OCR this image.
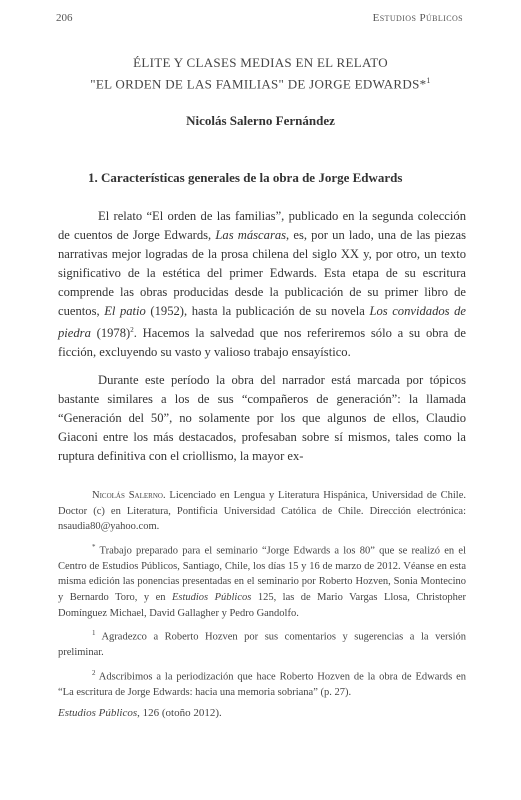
206	Estudios Públicos
ÉLITE Y CLASES MEDIAS EN EL RELATO
"EL ORDEN DE LAS FAMILIAS" DE JORGE EDWARDS*$^1$
Nicolás Salerno Fernández
1. Características generales de la obra de Jorge Edwards

El relato “El orden de las familias”, publicado en la segunda colección de cuentos de Jorge Edwards, Las máscaras, es, por un lado, una de las piezas narrativas mejor logradas de la prosa chilena del siglo XX y, por otro, un texto significativo de la estética del primer Edwards. Esta etapa de su escritura comprende las obras producidas desde la publicación de su primer libro de cuentos, El patio (1952), hasta la publicación de su novela Los convidados de piedra $(1978)^2$. Hacemos la salvedad que nos referiremos sólo a su obra de ficción, excluyendo su vasto y valioso trabajo ensayístico.

Durante este período la obra del narrador está marcada por tópicos bastante similares a los de sus “compañeros de generación”: la llamada “Generación del 50”, no solamente por los que algunos de ellos, Claudio Giaconi entre los más destacados, profesaban sobre sí mismos, tales como la ruptura definitiva con el criollismo, la mayor ex-

Nicolás Salerno. Licenciado en Lengua y Literatura Hispánica, Universidad de Chile. Doctor (c) en Literatura, Pontificia Universidad Católica de Chile. Dirección electrónica: nsaudia80@yahoo.com.

* Trabajo preparado para el seminario “Jorge Edwards a los 80” que se realizó en el Centro de Estudios Públicos, Santiago, Chile, los días 15 y 16 de marzo de 2012. Véanse en esta misma edición las ponencias presentadas en el seminario por Roberto Hozven, Sonia Montecino y Bernardo Toro, y en Estudios Públicos 125, las de Mario Vargas Llosa, Christopher Domínguez Michael, David Gallagher y Pedro Gandolfo.

$^1$ Agradezco a Roberto Hozven por sus comentarios y sugerencias a la versión preliminar.

$^2$ Adscribimos a la periodización que hace Roberto Hozven de la obra de Edwards en “La escritura de Jorge Edwards: hacia una memoria sobriana” (p. 27).

Estudios Públicos, 126 (otoño 2012).
